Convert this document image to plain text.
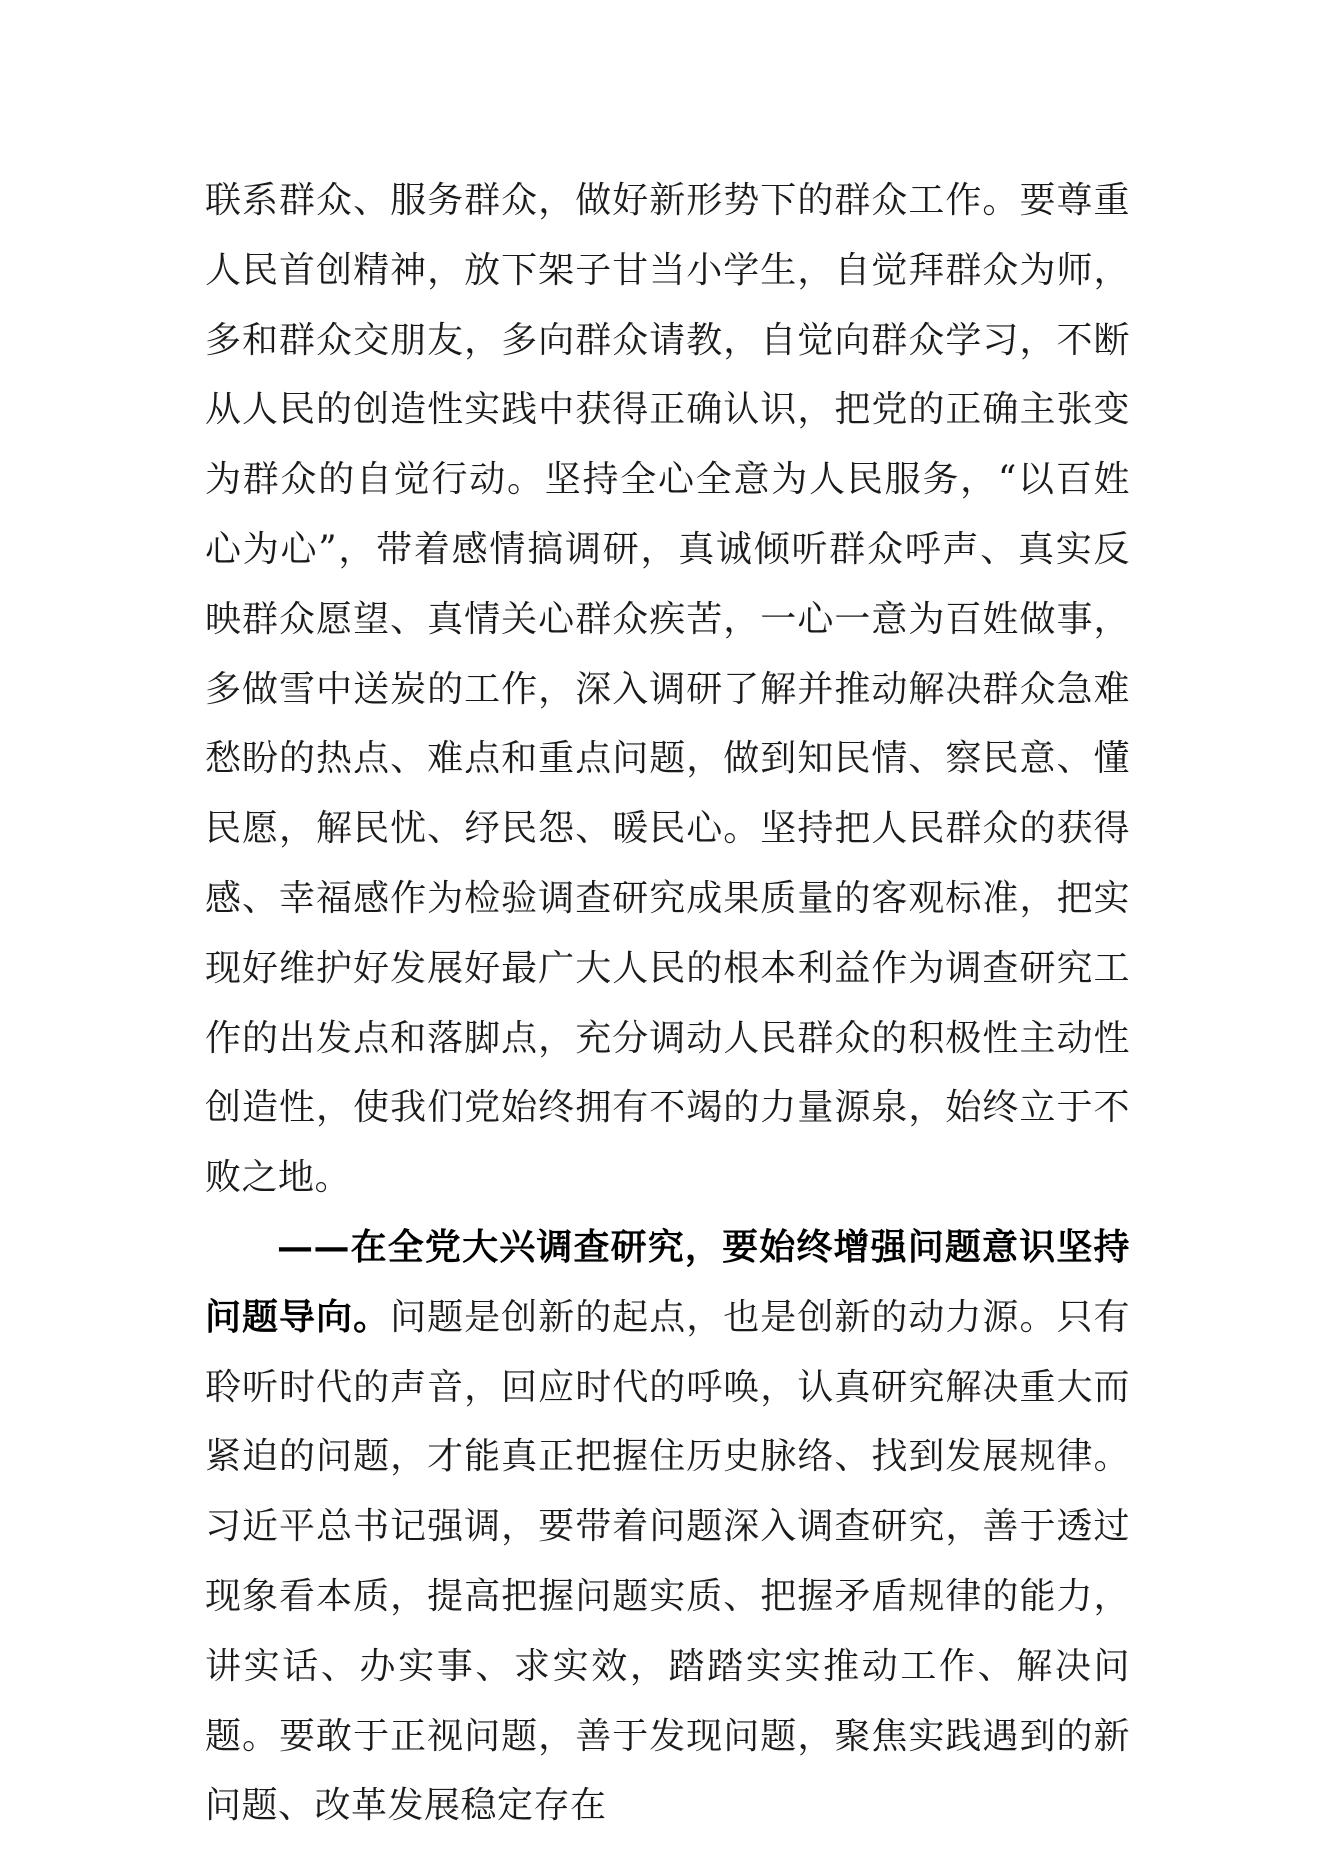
联系群众、服务群众，做好新形势下的群众工作。要尊重人民首创精神，放下架子甘当小学生，自觉拜群众为师，多和群众交朋友，多向群众请教，自觉向群众学习，不断从人民的创造性实践中获得正确认识，把党的正确主张变为群众的自觉行动。坚持全心全意为人民服务，“以百姓心为心”，带着感情搞调研，真诚倾听群众呼声、真实反映群众愿望、真情关心群众疾苦，一心一意为百姓做事，多做雪中送炭的工作，深入调研了解并推动解决群众急难愁盼的热点、难点和重点问题，做到知民情、察民意、懂民愿，解民忧、纾民怨、暖民心。坚持把人民群众的获得感、幸福感作为检验调查研究成果质量的客观标准，把实现好维护好发展好最广大人民的根本利益作为调查研究工作的出发点和落脚点，充分调动人民群众的积极性主动性创造性，使我们党始终拥有不竭的力量源泉，始终立于不败之地。

——在全党大兴调查研究，要始终增强问题意识坚持问题导向。问题是创新的起点，也是创新的动力源。只有聆听时代的声音，回应时代的呼唤，认真研究解决重大而紧迫的问题，才能真正把握住历史脉络、找到发展规律。习近平总书记强调，要带着问题深入调查研究，善于透过现象看本质，提高把握问题实质、把握矛盾规律的能力，讲实话、办实事、求实效，踏踏实实推动工作、解决问题。要敢于正视问题，善于发现问题，聚焦实践遇到的新问题、改革发展稳定存在
